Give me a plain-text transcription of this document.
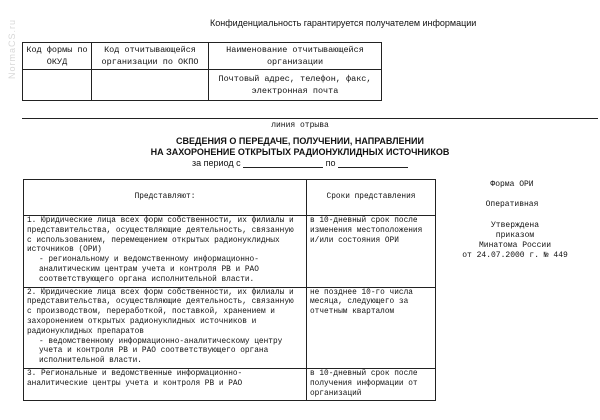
NormaCS.ru	Конфиденциальность гарантируется получателем информации
Код формы по ОКУД	Код отчитывающейся организации по ОКПО	Наименование отчитывающейся организации
		Почтовый адрес, телефон, факс, электронная почта
линия отрыва
СВЕДЕНИЯ О ПЕРЕДАЧЕ, ПОЛУЧЕНИИ, НАПРАВЛЕНИИ
НА ЗАХОРОНЕНИЕ ОТКРЫТЫХ РАДИОНУКЛИДНЫХ ИСТОЧНИКОВ
за период с	по
Представляют:	Сроки представления

1. Юридические лица всех форм собственности, их филиалы и представительства, осуществляющие деятельность, связанную с использованием, перемещением открытых радионуклидных источников (ОРИ)
- региональному и ведомственному информационно-аналитическим центрам учета и контроля РВ и РАО соответствующего органа исполнительной власти.	в 10-дневный срок после изменения местоположения и/или состояния ОРИ

2. Юридические лица всех форм собственности, их филиалы и представительства, осуществляющие деятельность, связанную с производством, переработкой, поставкой, хранением и захоронением открытых радионуклидных источников и радионуклидных препаратов
- ведомственному информационно-аналитическому центру учета и контроля РВ и РАО соответствующего органа исполнительной власти.	не позднее 10-го числа месяца, следующего за отчетным кварталом

3. Региональные и ведомственные информационно-аналитические центры учета и контроля РВ и РАО	в 10-дневный срок после получения информации от организаций
Форма ОРИ
Оперативная
Утверждена
приказом
Минатома России
от 24.07.2000 г. № 449
